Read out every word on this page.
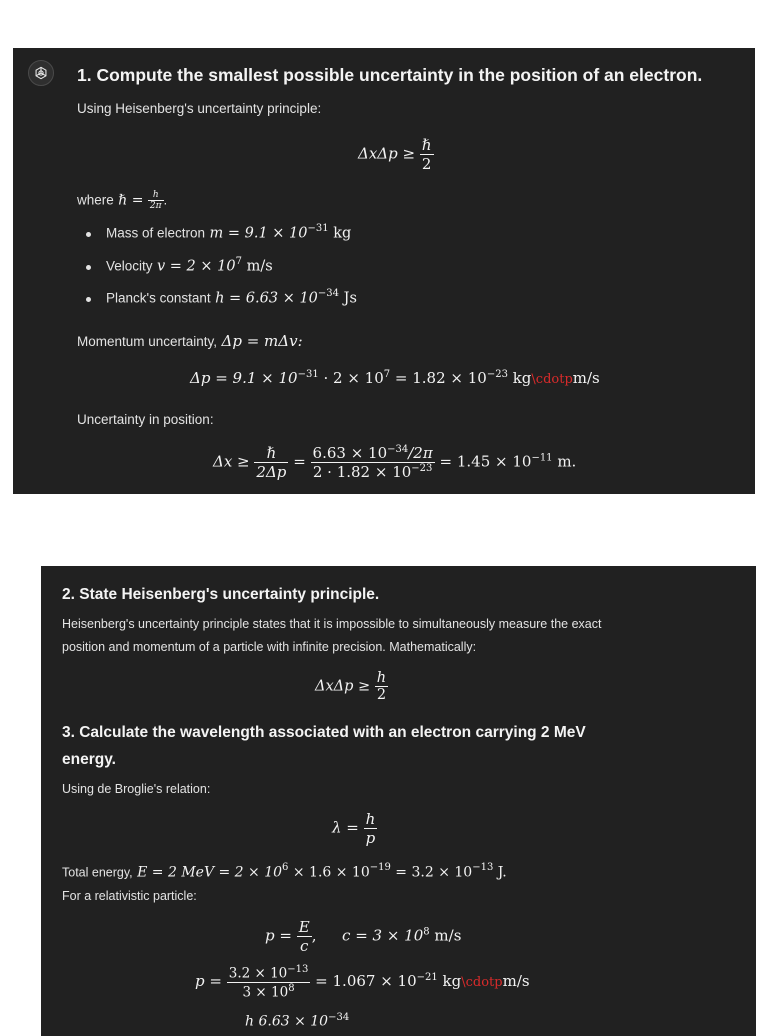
1. Compute the smallest possible uncertainty in the position of an electron.
Using Heisenberg's uncertainty principle:
$\Delta x\Delta p \ge \frac{\text{ℏ}}{2}$
where ℏ = $\frac{h}{2\pi}$ .
Mass of electron $m = 9.1 \times 10^{-31}$ kg
Velocity $v = 2 \times 10^7$ m/s
Planck's constant $h = 6.63 \times 10^{-34}$ Js
Momentum uncertainty, Δp = mΔv:
$\Delta p = 9.1 \times 10^{-31} \cdot 2 \times 10^7 = 1.82 \times 10^{-23}$ kg\cdotpm/s
Uncertainty in position:
$\Delta x \ge \frac{\text{ℏ}}{2\Delta p} = \frac{6.63 \times 10^{-34}/2\pi}{2 \cdot 1.82 \times 10^{-23}} = 1.45 \times 10^{-11}$ m.
2. State Heisenberg's uncertainty principle.
Heisenberg's uncertainty principle states that it is impossible to simultaneously measure the exact
position and momentum of a particle with infinite precision. Mathematically:
$\Delta x\Delta p \ge \frac{h}{2}$
3. Calculate the wavelength associated with an electron carrying 2 MeV
energy.
Using de Broglie's relation:
$\lambda = \frac{h}{p}$
Total energy, E = 2 MeV = $2 \times 10^6 \times 1.6 \times 10^{-19} = 3.2 \times 10^{-13}$ J.
For a relativistic particle:
$p = \frac{E}{c}$ , $c = 3 \times 10^8$ m/s
$p = \frac{3.2 \times 10^{-13}}{3 \times 10^8} = 1.067 \times 10^{-21}$ kg\cdotpm/s
h $6.63 \times 10^{-34}$
